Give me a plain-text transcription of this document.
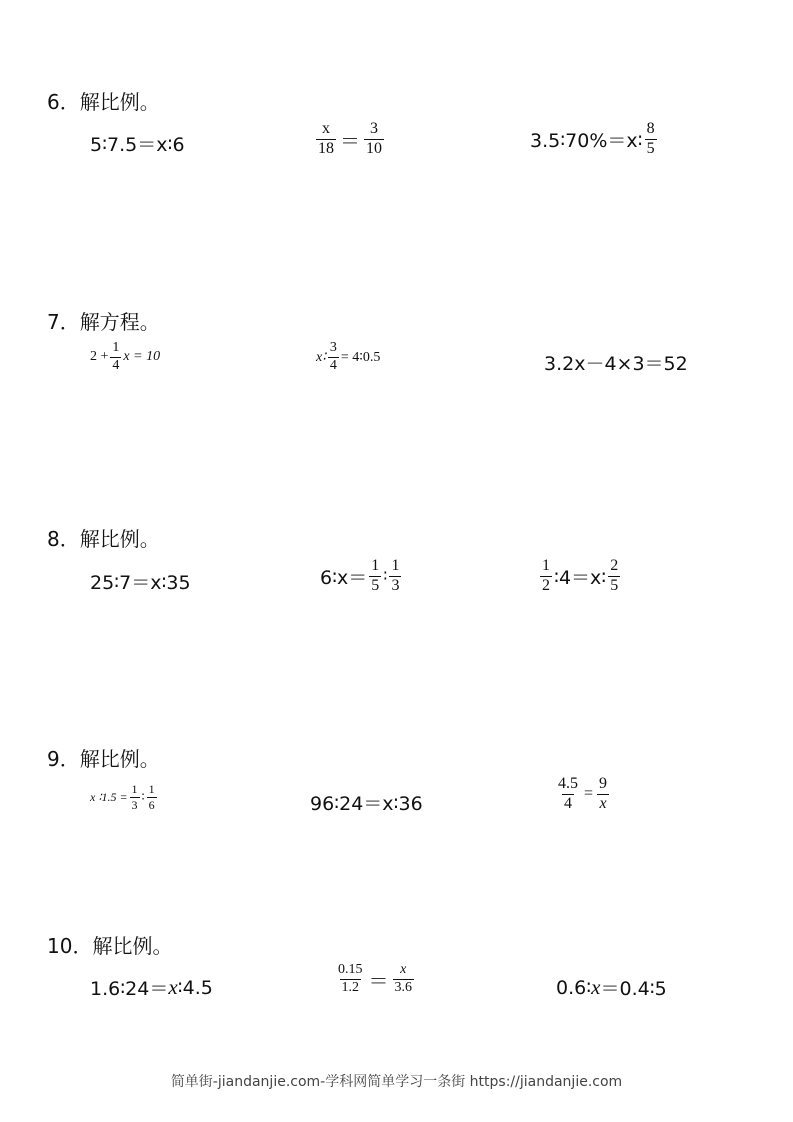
6．解比例。
5∶7.5＝x∶6	$\frac{x}{18} = \frac{3}{10}$	3.5∶70%＝x∶ $\frac{8}{5}$
7．解方程。
$2 + \frac{1}{4}$ x = 10	x∶ $\frac{3}{4}$ = 4∶0.5	3.2x－4×3＝52
8．解比例。
25∶7＝x∶35	6∶x＝ $\frac{1}{5}$ ∶ $\frac{1}{3}$	$\frac{1}{2}$ ∶4＝x∶ $\frac{2}{5}$
9．解比例。
x ∶1.5 = $\frac{1}{3}$ ∶ $\frac{1}{6}$	96∶24＝x∶36	$\frac{4.5}{4} = \frac{9}{x}$
10．解比例。
1.6∶24＝ x ∶4.5	$\frac{0.15}{1.2} = \frac{x}{3.6}$	0.6∶ x ＝0.4∶5
简单街-jiandanjie.com-学科网简单学习一条街 https://jiandanjie.com
